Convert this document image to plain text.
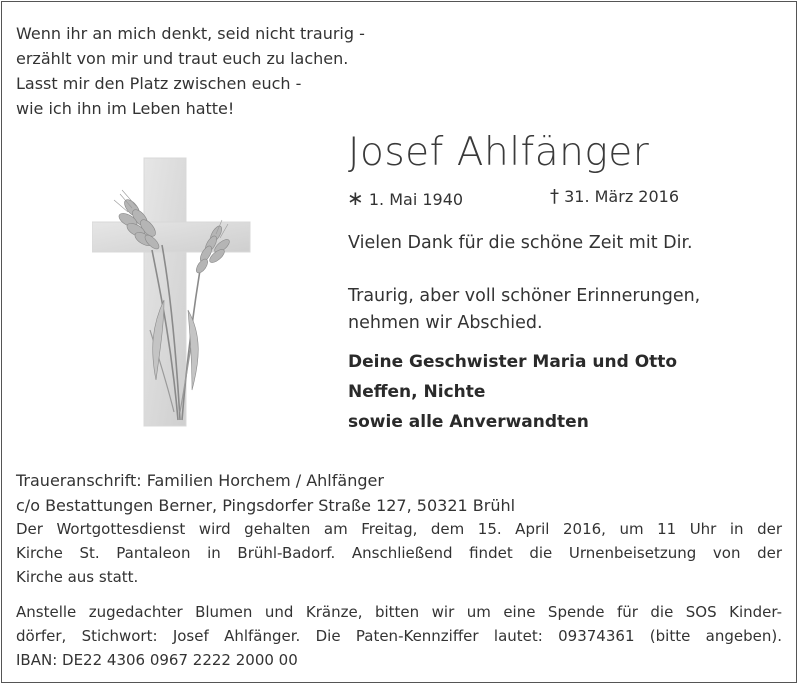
Wenn ihr an mich denkt, seid nicht traurig -
erzählt von mir und traut euch zu lachen.
Lasst mir den Platz zwischen euch -
wie ich ihn im Leben hatte!
Josef Ahlfänger
∗ 1. Mai 1940	† 31. März 2016
Vielen Dank für die schöne Zeit mit Dir.
Traurig, aber voll schöner Erinnerungen,
nehmen wir Abschied.
Deine Geschwister Maria und Otto
Neffen, Nichte
sowie alle Anverwandten
Traueranschrift: Familien Horchem / Ahlfänger
c/o Bestattungen Berner, Pingsdorfer Straße 127, 50321 Brühl
Der Wortgottesdienst wird gehalten am Freitag, dem 15. April 2016, um 11 Uhr in der
Kirche St. Pantaleon in Brühl-Badorf. Anschließend findet die Urnenbeisetzung von der
Kirche aus statt.
Anstelle zugedachter Blumen und Kränze, bitten wir um eine Spende für die SOS Kinder-
dörfer, Stichwort: Josef Ahlfänger. Die Paten-Kennziffer lautet: 09374361 (bitte angeben).
IBAN: DE22 4306 0967 2222 2000 00
